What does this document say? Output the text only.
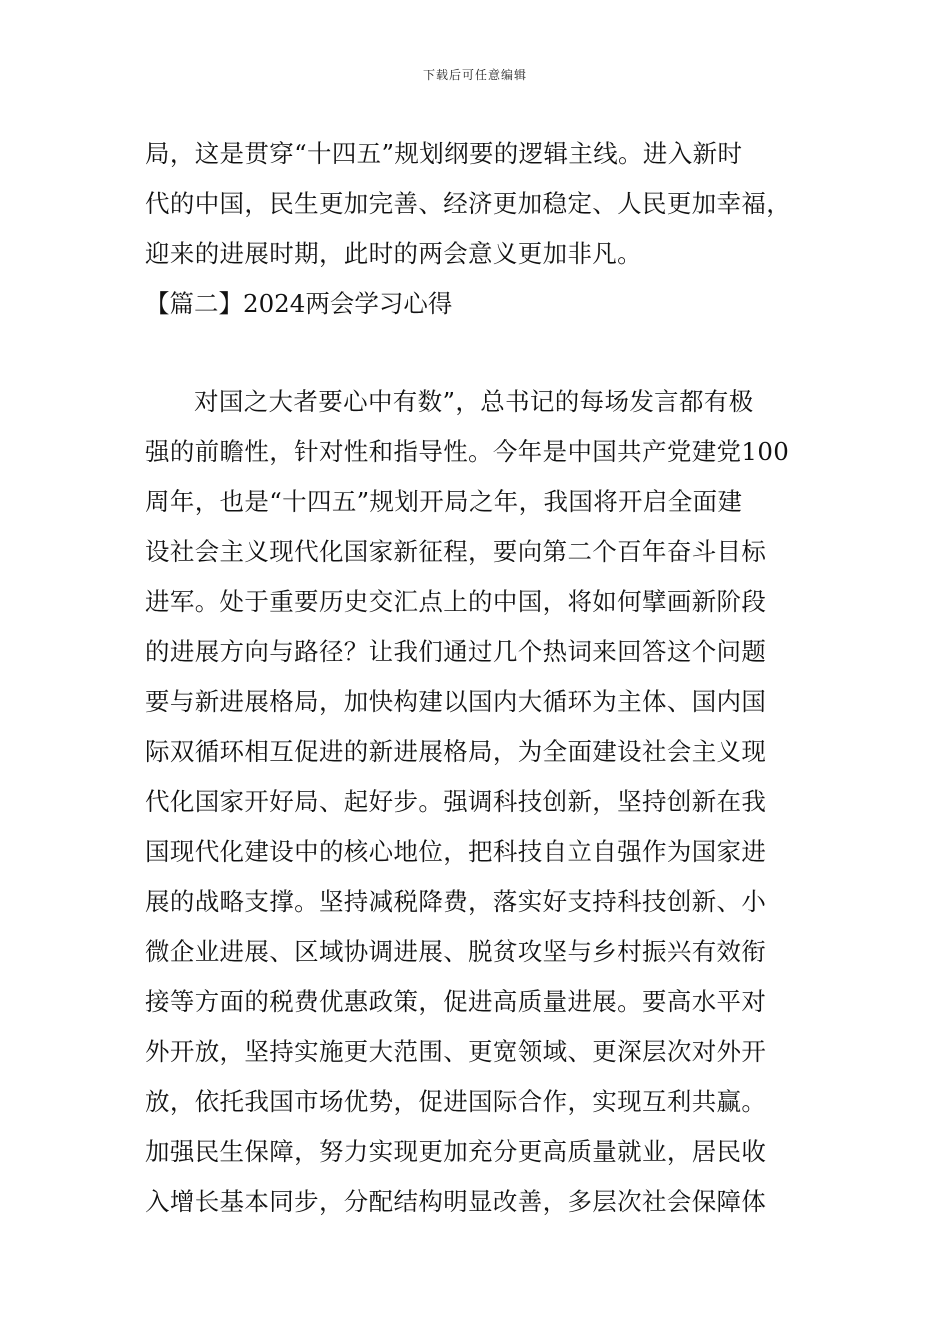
下载后可任意编辑
局，这是贯穿“十四五”规划纲要的逻辑主线。进入新时
代的中国，民生更加完善、经济更加稳定、人民更加幸福，
迎来的进展时期，此时的两会意义更加非凡。
【篇二】2024两会学习心得
对国之大者要心中有数”，总书记的每场发言都有极
强的前瞻性，针对性和指导性。今年是中国共产党建党100
周年，也是“十四五”规划开局之年，我国将开启全面建
设社会主义现代化国家新征程，要向第二个百年奋斗目标
进军。处于重要历史交汇点上的中国，将如何擘画新阶段
的进展方向与路径？让我们通过几个热词来回答这个问题
要与新进展格局，加快构建以国内大循环为主体、国内国
际双循环相互促进的新进展格局，为全面建设社会主义现
代化国家开好局、起好步。强调科技创新，坚持创新在我
国现代化建设中的核心地位，把科技自立自强作为国家进
展的战略支撑。坚持减税降费，落实好支持科技创新、小
微企业进展、区域协调进展、脱贫攻坚与乡村振兴有效衔
接等方面的税费优惠政策，促进高质量进展。要高水平对
外开放，坚持实施更大范围、更宽领域、更深层次对外开
放，依托我国市场优势，促进国际合作，实现互利共赢。
加强民生保障，努力实现更加充分更高质量就业，居民收
入增长基本同步，分配结构明显改善，多层次社会保障体
